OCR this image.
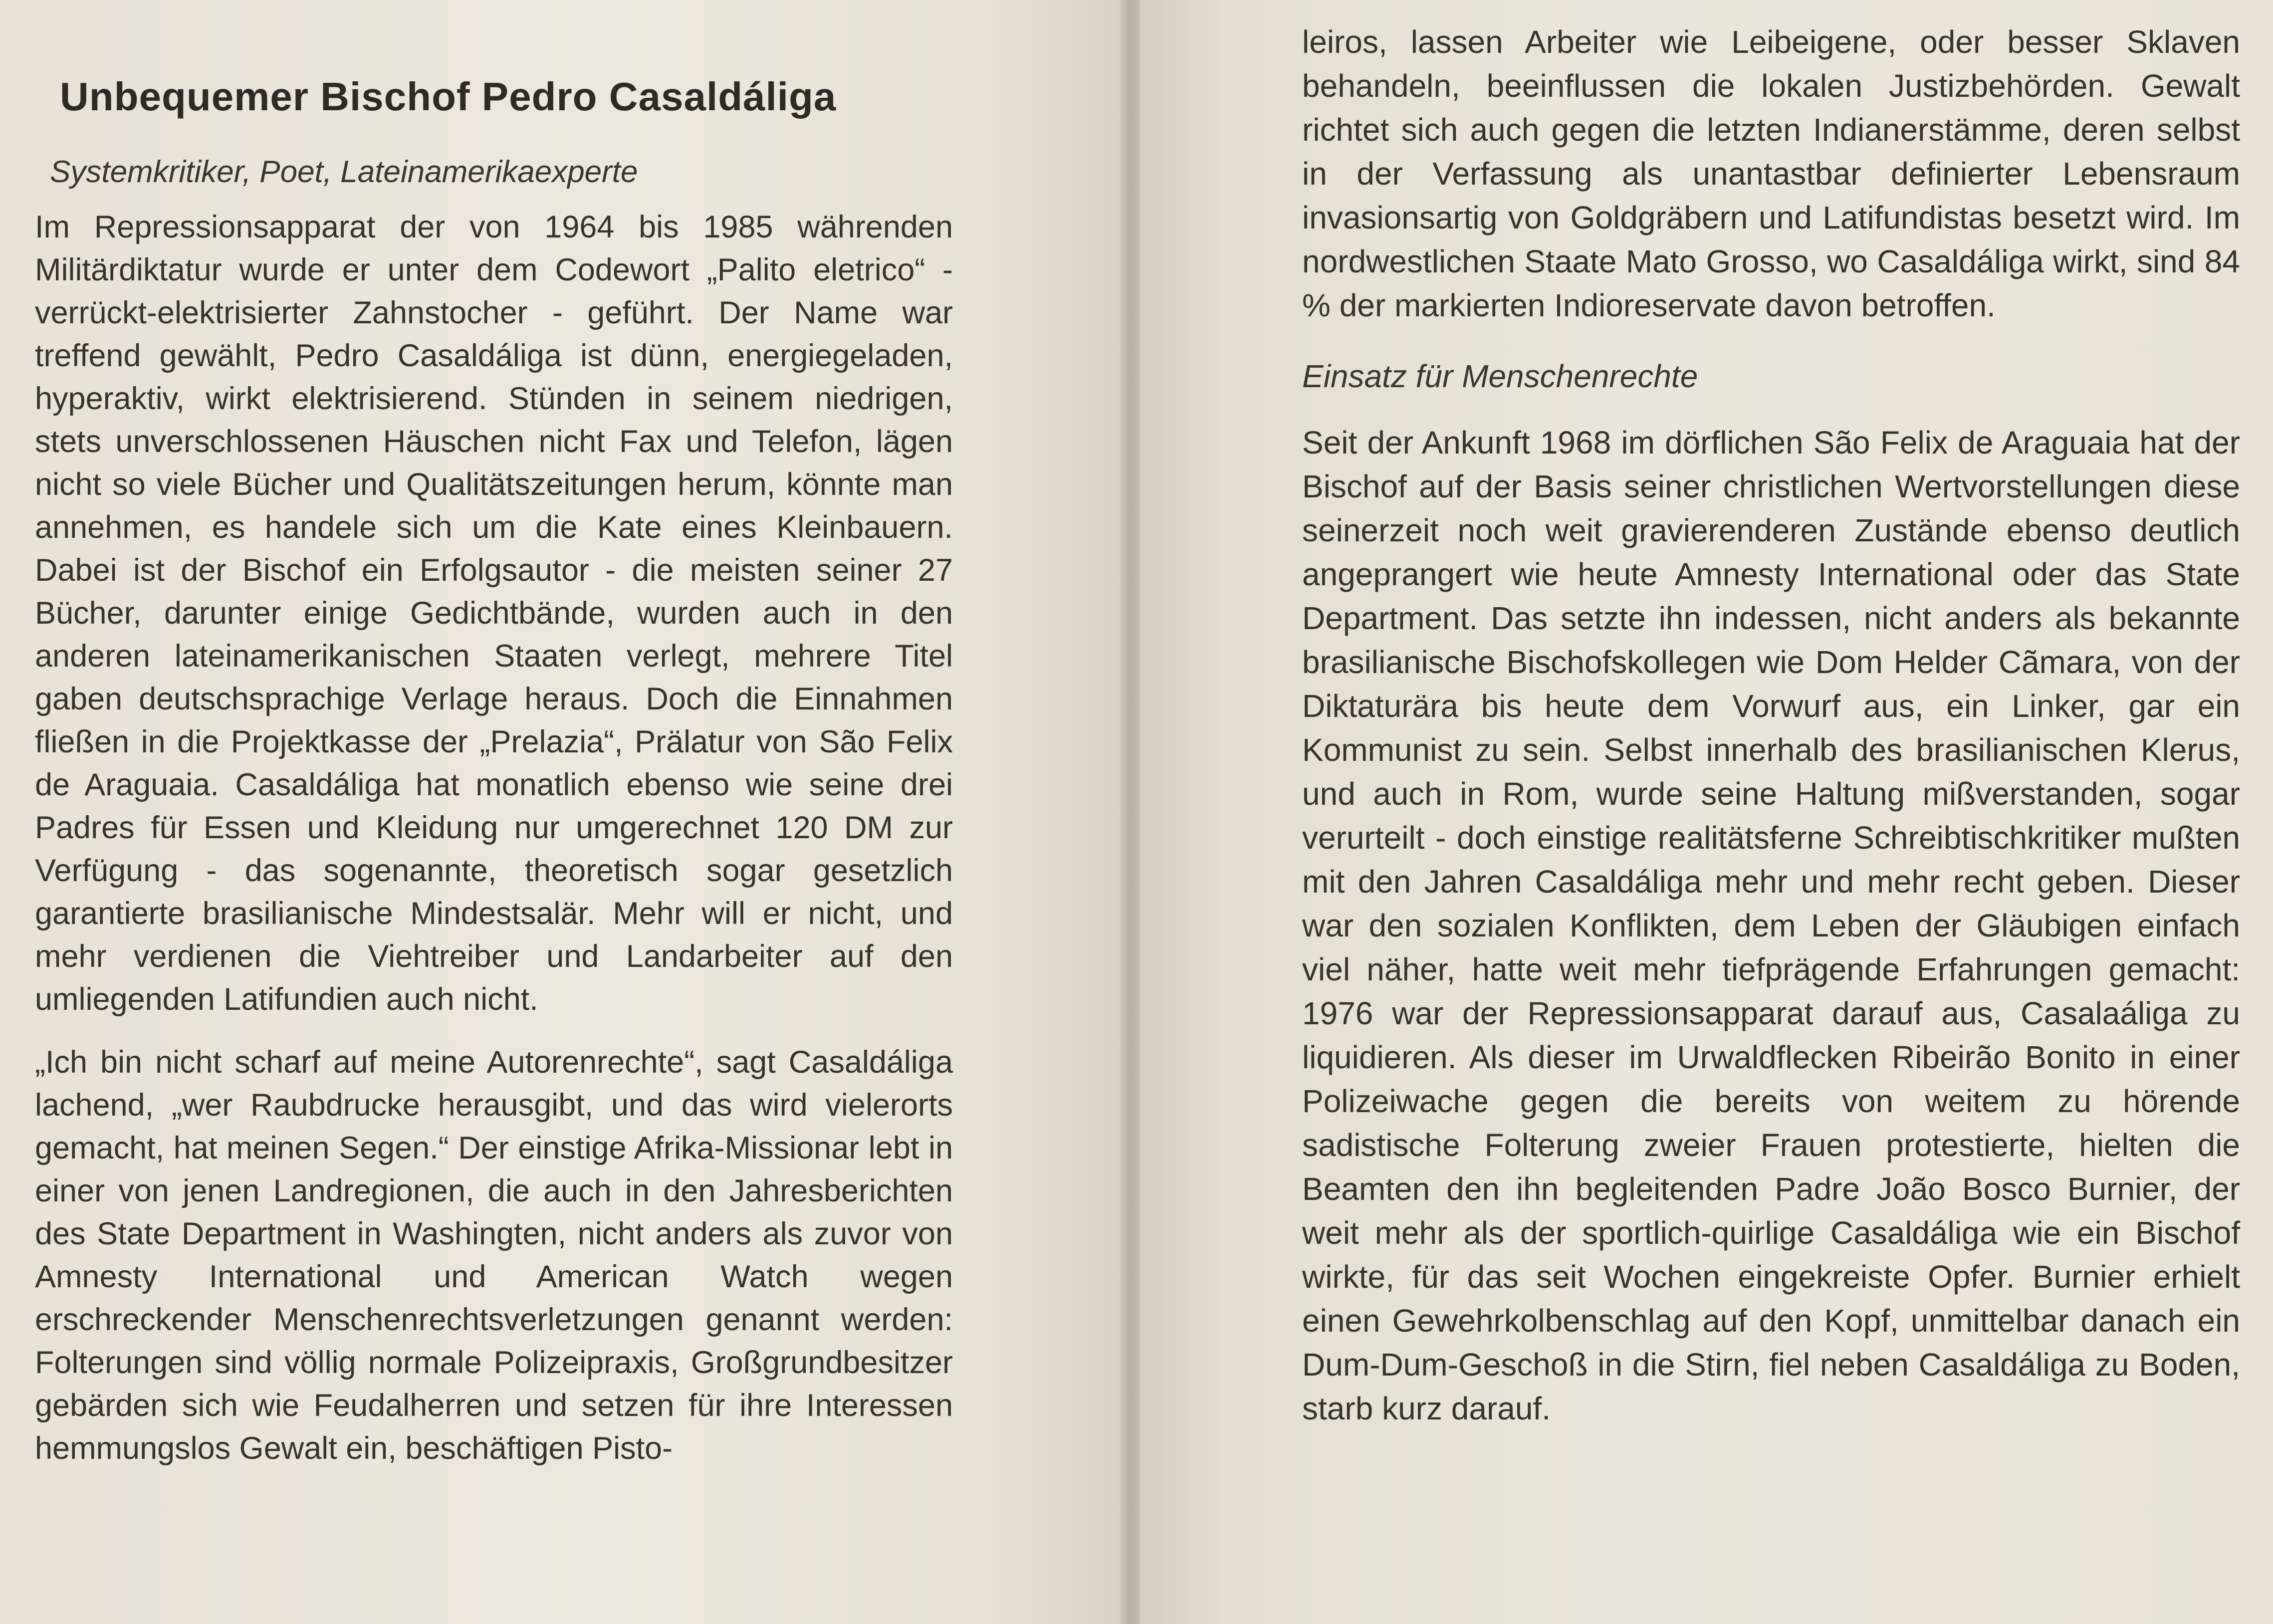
Unbequemer Bischof Pedro Casaldáliga
Systemkritiker, Poet, Lateinamerikaexperte

Im Repressionsapparat der von 1964 bis 1985 währenden Militärdiktatur wurde er unter dem Codewort „Palito eletrico“ - verrückt-elektrisierter Zahnstocher - geführt. Der Name war treffend gewählt, Pedro Casaldáliga ist dünn, energiegeladen, hyperaktiv, wirkt elektrisierend. Stünden in seinem niedrigen, stets unverschlossenen Häuschen nicht Fax und Telefon, lägen nicht so viele Bücher und Qualitätszeitungen herum, könnte man annehmen, es handele sich um die Kate eines Kleinbauern. Dabei ist der Bischof ein Erfolgsautor - die meisten seiner 27 Bücher, darunter einige Gedichtbände, wurden auch in den anderen lateinamerikanischen Staaten verlegt, mehrere Titel gaben deutschsprachige Verlage heraus. Doch die Einnahmen fließen in die Projektkasse der „Prelazia“, Prälatur von São Felix de Araguaia. Casaldáliga hat monatlich ebenso wie seine drei Padres für Essen und Kleidung nur umgerechnet 120 DM zur Verfügung - das sogenannte, theoretisch sogar gesetzlich garantierte brasilianische Mindestsalär. Mehr will er nicht, und mehr verdienen die Viehtreiber und Landarbeiter auf den umliegenden Latifundien auch nicht.

„Ich bin nicht scharf auf meine Autorenrechte“, sagt Casaldáliga lachend, „wer Raubdrucke herausgibt, und das wird vielerorts gemacht, hat meinen Segen.“ Der einstige Afrika-Missionar lebt in einer von jenen Landregionen, die auch in den Jahresberichten des State Department in Washingten, nicht anders als zuvor von Amnesty International und American Watch wegen erschreckender Menschenrechtsverletzungen genannt werden: Folterungen sind völlig normale Polizeipraxis, Großgrundbesitzer gebärden sich wie Feudalherren und setzen für ihre Interessen hemmungslos Gewalt ein, beschäftigen Pisto-

leiros, lassen Arbeiter wie Leibeigene, oder besser Sklaven behandeln, beeinflussen die lokalen Justizbehörden. Gewalt richtet sich auch gegen die letzten Indianerstämme, deren selbst in der Verfassung als unantastbar definierter Lebensraum invasionsartig von Goldgräbern und Latifundistas besetzt wird. Im nordwestlichen Staate Mato Grosso, wo Casaldáliga wirkt, sind 84 % der markierten Indioreservate davon betroffen.

Einsatz für Menschenrechte

Seit der Ankunft 1968 im dörflichen São Felix de Araguaia hat der Bischof auf der Basis seiner christlichen Wertvorstellungen diese seinerzeit noch weit gravierenderen Zustände ebenso deutlich angeprangert wie heute Amnesty International oder das State Department. Das setzte ihn indessen, nicht anders als bekannte brasilianische Bischofskollegen wie Dom Helder Cãmara, von der Diktaturära bis heute dem Vorwurf aus, ein Linker, gar ein Kommunist zu sein. Selbst innerhalb des brasilianischen Klerus, und auch in Rom, wurde seine Haltung mißverstanden, sogar verurteilt - doch einstige realitätsferne Schreibtischkritiker mußten mit den Jahren Casaldáliga mehr und mehr recht geben. Dieser war den sozialen Konflikten, dem Leben der Gläubigen einfach viel näher, hatte weit mehr tiefprägende Erfahrungen gemacht: 1976 war der Repressionsapparat darauf aus, Casalaáliga zu liquidieren. Als dieser im Urwaldflecken Ribeirão Bonito in einer Polizeiwache gegen die bereits von weitem zu hörende sadistische Folterung zweier Frauen protestierte, hielten die Beamten den ihn begleitenden Padre João Bosco Burnier, der weit mehr als der sportlich-quirlige Casaldáliga wie ein Bischof wirkte, für das seit Wochen eingekreiste Opfer. Burnier erhielt einen Gewehrkolbenschlag auf den Kopf, unmittelbar danach ein Dum-Dum-Geschoß in die Stirn, fiel neben Casaldáliga zu Boden, starb kurz darauf.
